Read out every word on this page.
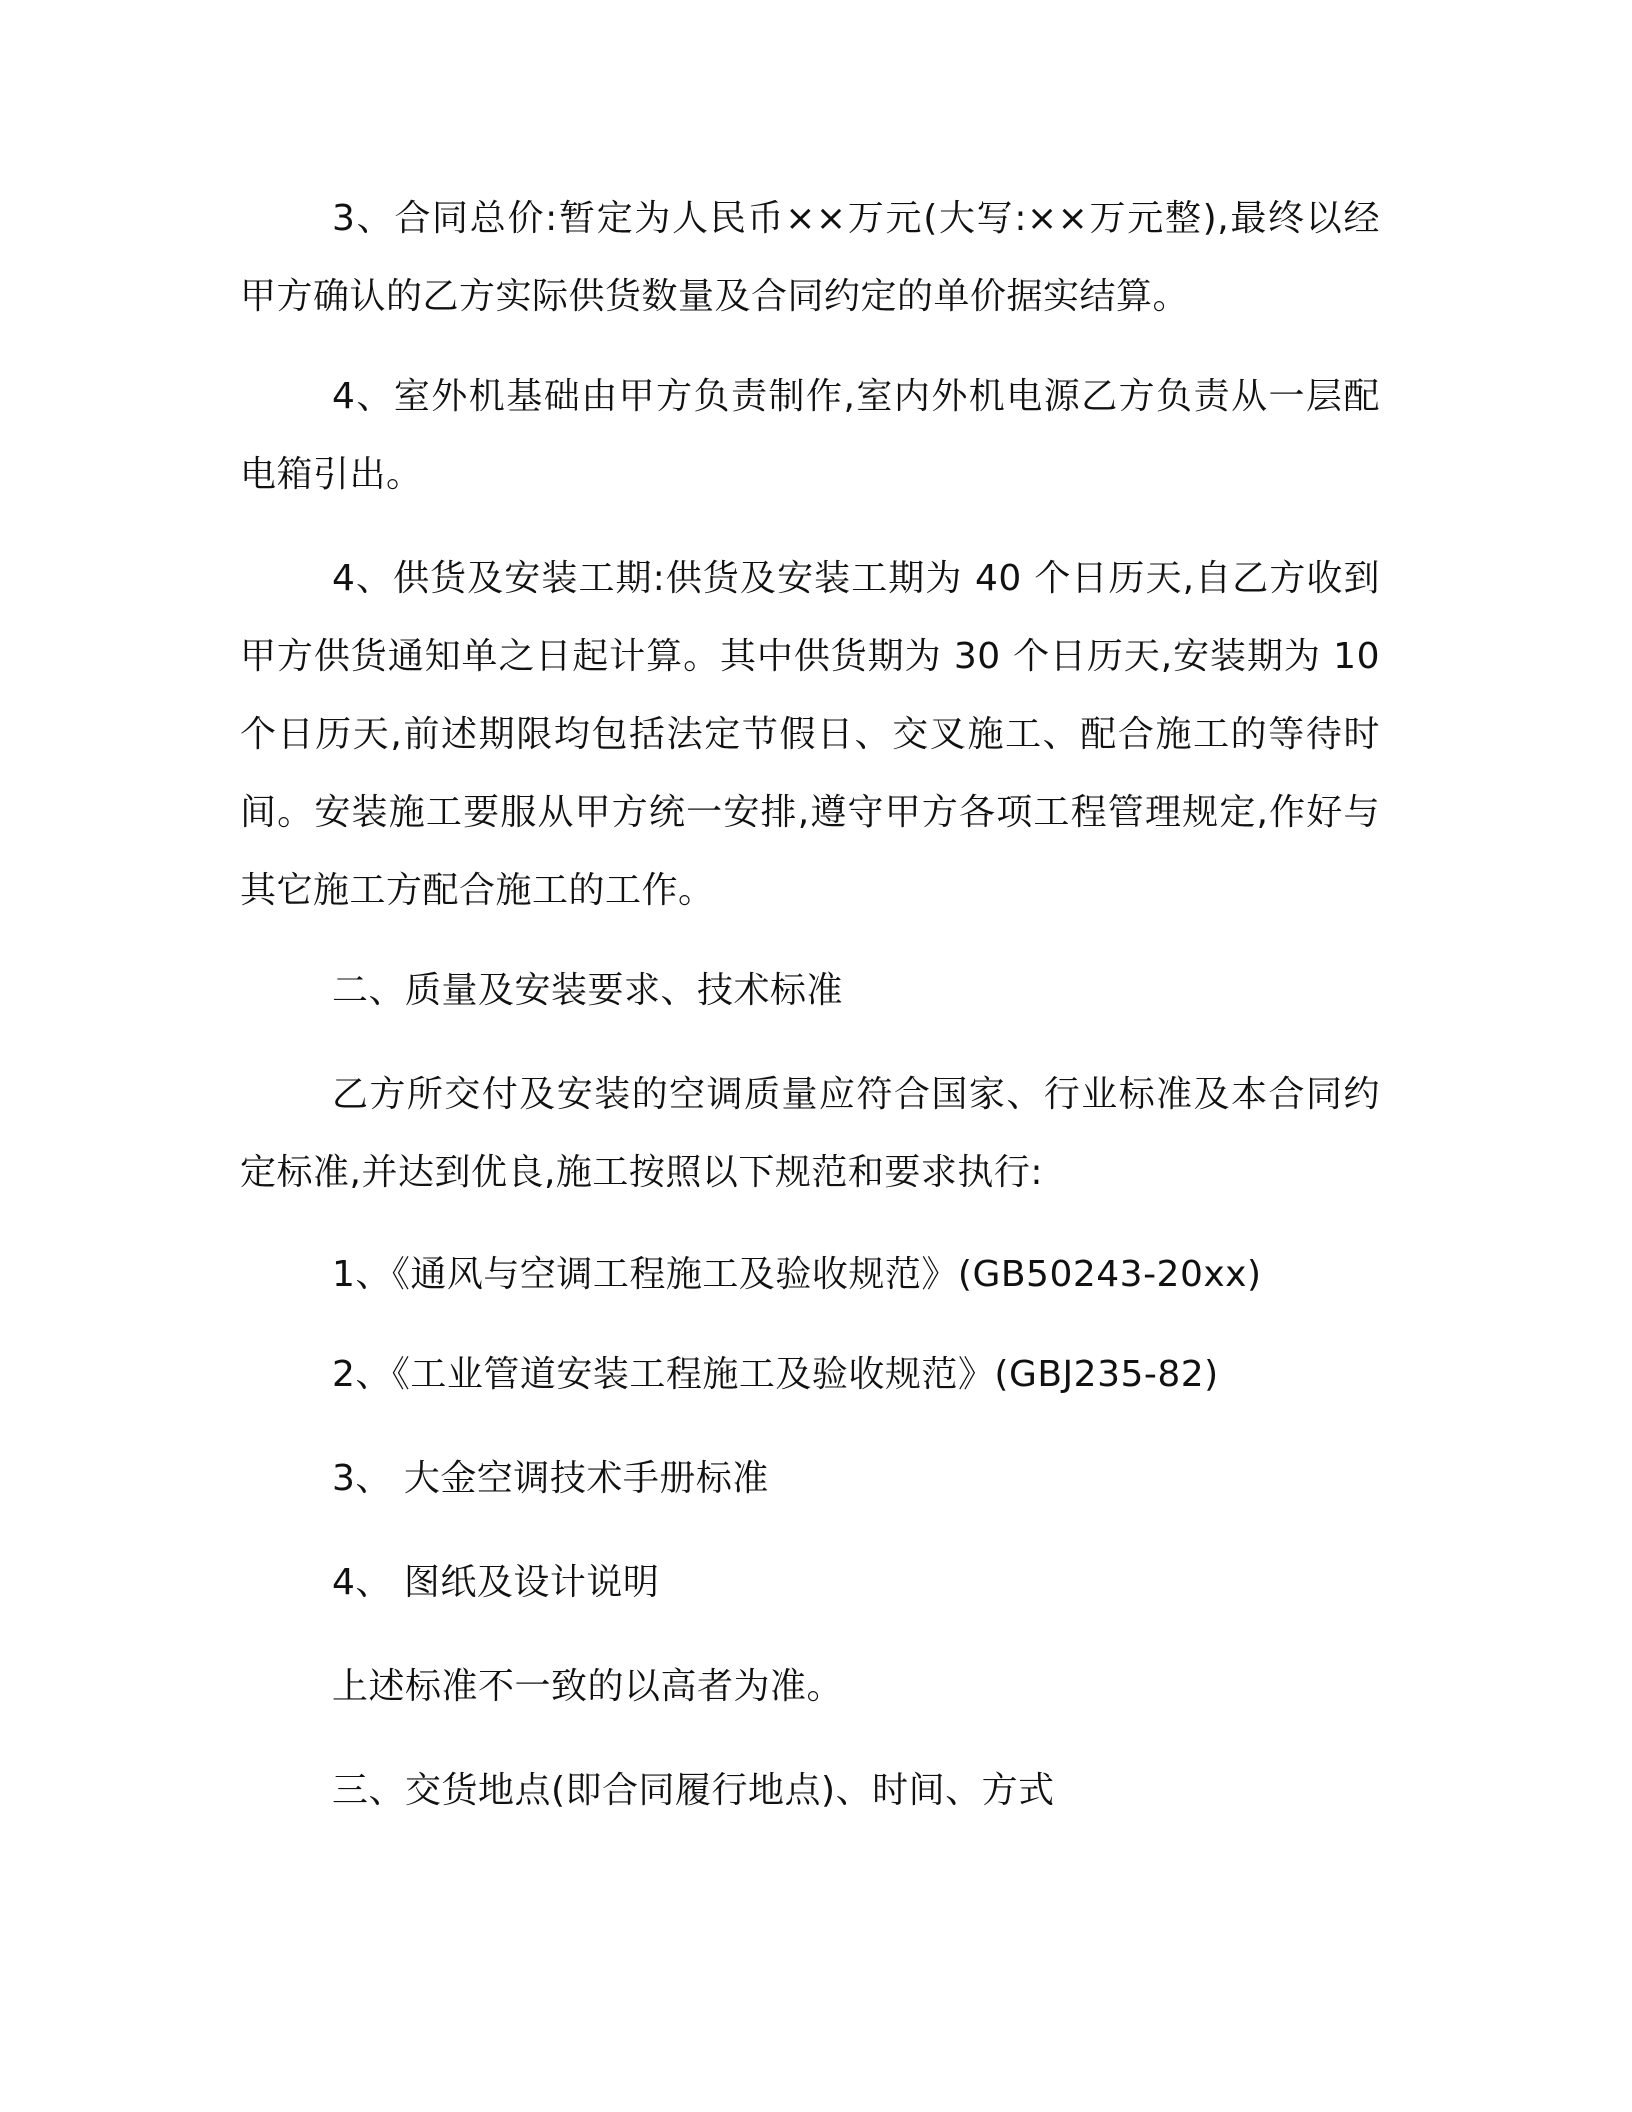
3、合同总价:暂定为人民币××万元(大写:××万元整),最终以经甲方确认的乙方实际供货数量及合同约定的单价据实结算。
4、室外机基础由甲方负责制作,室内外机电源乙方负责从一层配电箱引出。
4、供货及安装工期:供货及安装工期为 40 个日历天,自乙方收到甲方供货通知单之日起计算。其中供货期为 30 个日历天,安装期为 10 个日历天,前述期限均包括法定节假日、交叉施工、配合施工的等待时间。安装施工要服从甲方统一安排,遵守甲方各项工程管理规定,作好与其它施工方配合施工的工作。
二、质量及安装要求、技术标准
乙方所交付及安装的空调质量应符合国家、行业标准及本合同约定标准,并达到优良,施工按照以下规范和要求执行:
1、《通风与空调工程施工及验收规范》(GB50243-20xx)
2、《工业管道安装工程施工及验收规范》(GBJ235-82)
3、 大金空调技术手册标准
4、 图纸及设计说明
上述标准不一致的以高者为准。
三、交货地点(即合同履行地点)、时间、方式
